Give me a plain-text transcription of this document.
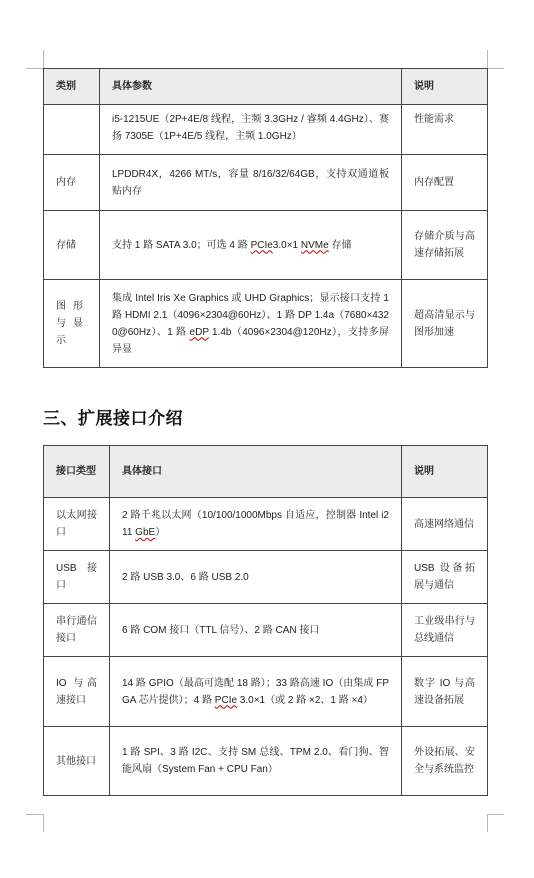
类别	具体参数	说明
	i5-1215UE（2P+4E/8 线程，主频 3.3GHz / 睿频 4.4GHz）、赛扬 7305E（1P+4E/5 线程，主频 1.0GHz）	性能需求
内存	LPDDR4X，4266 MT/s，容量 8/16/32/64GB，支持双通道板贴内存	内存配置
存储	支持 1 路 SATA 3.0；可选 4 路 PCIe3.0×1 NVMe 存储	存储介质与高速存储拓展
图形与显示	集成 Intel Iris Xe Graphics 或 UHD Graphics；显示接口支持 1 路 HDMI 2.1（4096×2304@60Hz）、1 路 DP 1.4a（7680×4320@60Hz）、1 路 eDP 1.4b（4096×2304@120Hz），支持多屏异显	超高清显示与图形加速
三、扩展接口介绍
接口类型	具体接口	说明
以太网接口	2 路千兆以太网（10/100/1000Mbps 自适应，控制器 Intel i211 GbE）	高速网络通信
USB 接口	2 路 USB 3.0、6 路 USB 2.0	USB 设备拓展与通信
串行通信接口	6 路 COM 接口（TTL 信号）、2 路 CAN 接口	工业级串行与总线通信
IO 与高速接口	14 路 GPIO（最高可选配 18 路）；33 路高速 IO（由集成 FPGA 芯片提供）；4 路 PCIe 3.0×1（或 2 路 ×2、1 路 ×4）	数字 IO 与高速设备拓展
其他接口	1 路 SPI、3 路 I2C、支持 SM 总线、TPM 2.0、看门狗、智能风扇（System Fan + CPU Fan）	外设拓展、安全与系统监控
